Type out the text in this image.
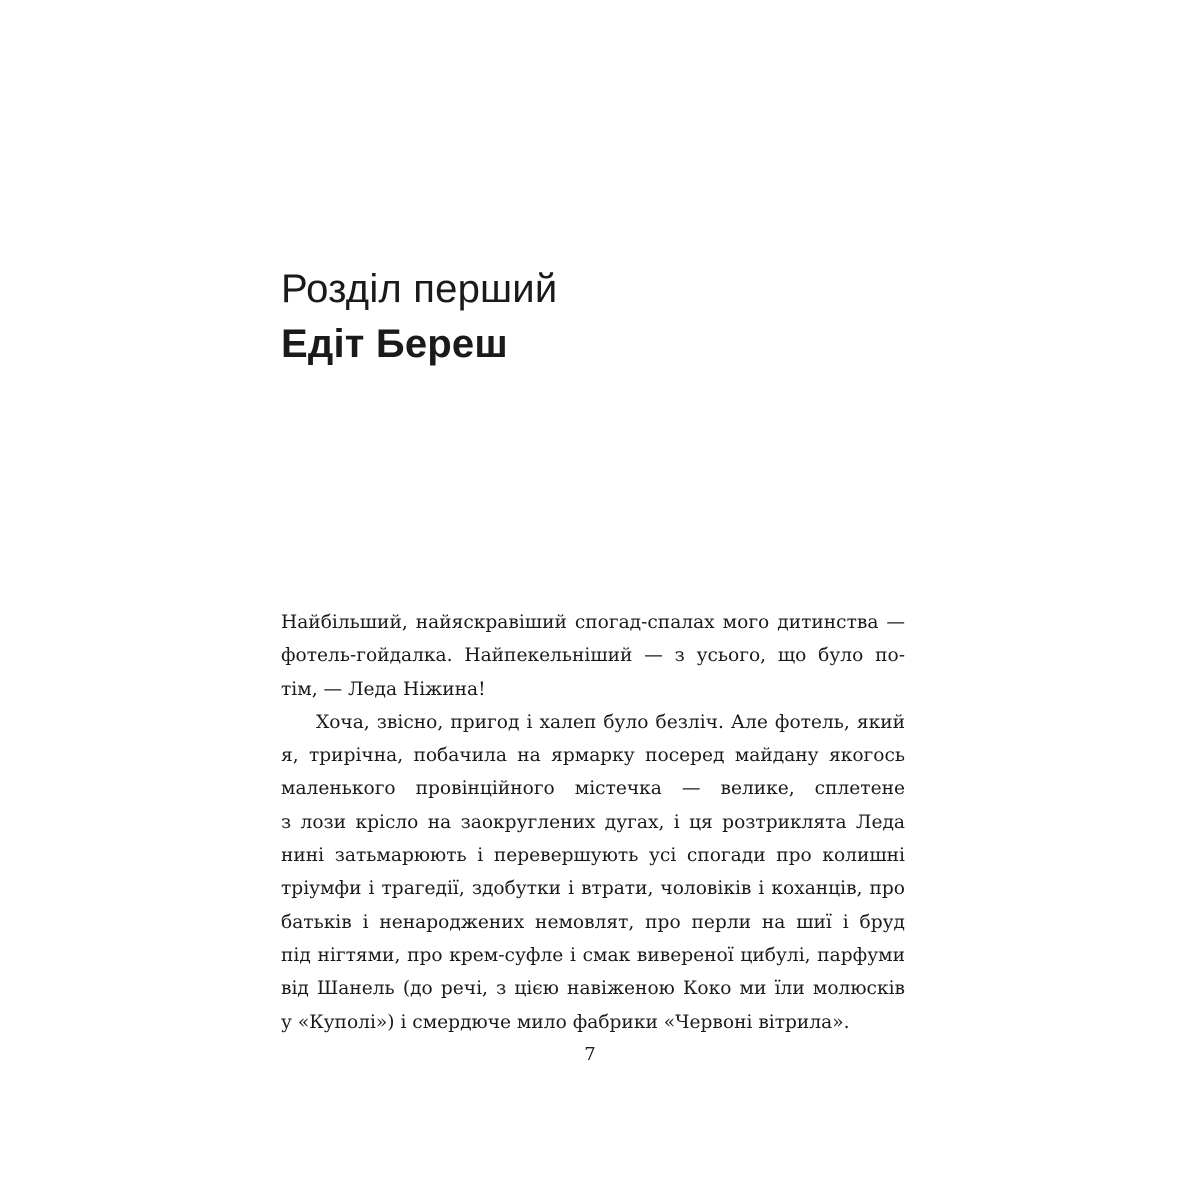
Розділ перший
Едіт Береш
Найбільший, найяскравіший спогад-спалах мого дитинства —
фотель-гойдалка. Найпекельніший — з усього, що було по-
тім, — Леда Ніжина!
Хоча, звісно, пригод і халеп було безліч. Але фотель, який
я, трирічна, побачила на ярмарку посеред майдану якогось
маленького провінційного містечка — велике, сплетене
з лози крісло на заокруглених дугах, і ця розтриклята Леда
нині затьмарюють і перевершують усі спогади про колишні
тріумфи і трагедії, здобутки і втрати, чоловіків і коханців, про
батьків і ненароджених немовлят, про перли на шиї і бруд
під нігтями, про крем-суфле і смак вивереної цибулі, парфуми
від Шанель (до речі, з цією навіженою Коко ми їли молюсків
у «Куполі») і смердюче мило фабрики «Червоні вітрила».
7
